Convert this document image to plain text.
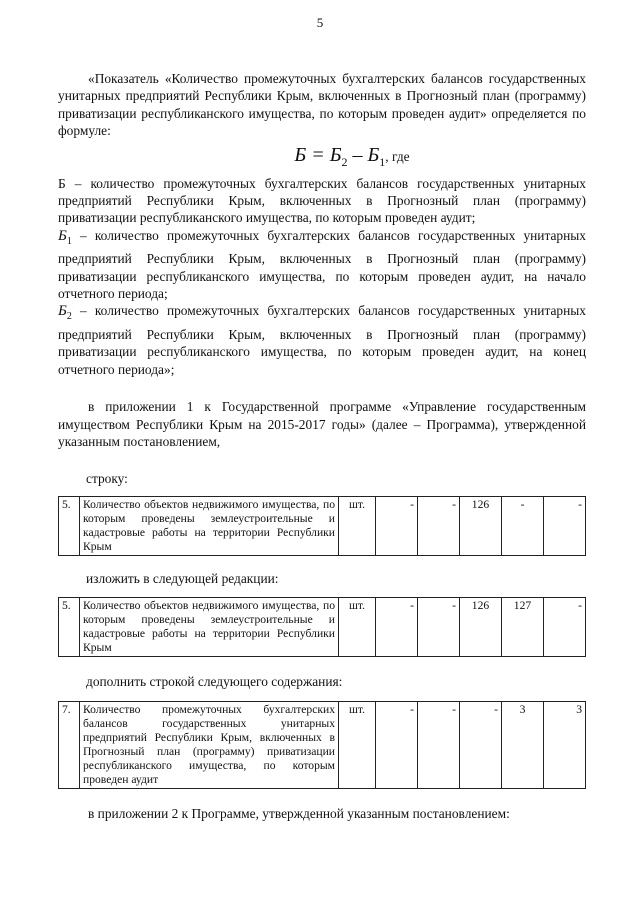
5

«Показатель «Количество промежуточных бухгалтерских балансов государственных унитарных предприятий Республики Крым, включенных в Прогнозный план (программу) приватизации республиканского имущества, по которым проведен аудит» определяется по формуле:

$Б = Б_2 - Б_1$, где

Б – количество промежуточных бухгалтерских балансов государственных унитарных предприятий Республики Крым, включенных в Прогнозный план (программу) приватизации республиканского имущества, по которым проведен аудит;

$Б_1$ – количество промежуточных бухгалтерских балансов государственных унитарных предприятий Республики Крым, включенных в Прогнозный план (программу) приватизации республиканского имущества, по которым проведен аудит, на начало отчетного периода;

$Б_2$ – количество промежуточных бухгалтерских балансов государственных унитарных предприятий Республики Крым, включенных в Прогнозный план (программу) приватизации республиканского имущества, по которым проведен аудит, на конец отчетного периода»;

в приложении 1 к Государственной программе «Управление государственным имуществом Республики Крым на 2015-2017 годы» (далее – Программа), утвержденной указанным постановлением,

строку:

5.	Количество объектов недвижимого имущества, по которым проведены землеустроительные и кадастровые работы на территории Республики Крым	шт.	-	-	126	-	-

изложить в следующей редакции:

5.	Количество объектов недвижимого имущества, по которым проведены землеустроительные и кадастровые работы на территории Республики Крым	шт.	-	-	126	127	-

дополнить строкой следующего содержания:

7.	Количество промежуточных бухгалтерских балансов государственных унитарных предприятий Республики Крым, включенных в Прогнозный план (программу) приватизации республиканского имущества, по которым проведен аудит	шт.	-	-	-	3	3

в приложении 2 к Программе, утвержденной указанным постановлением:
